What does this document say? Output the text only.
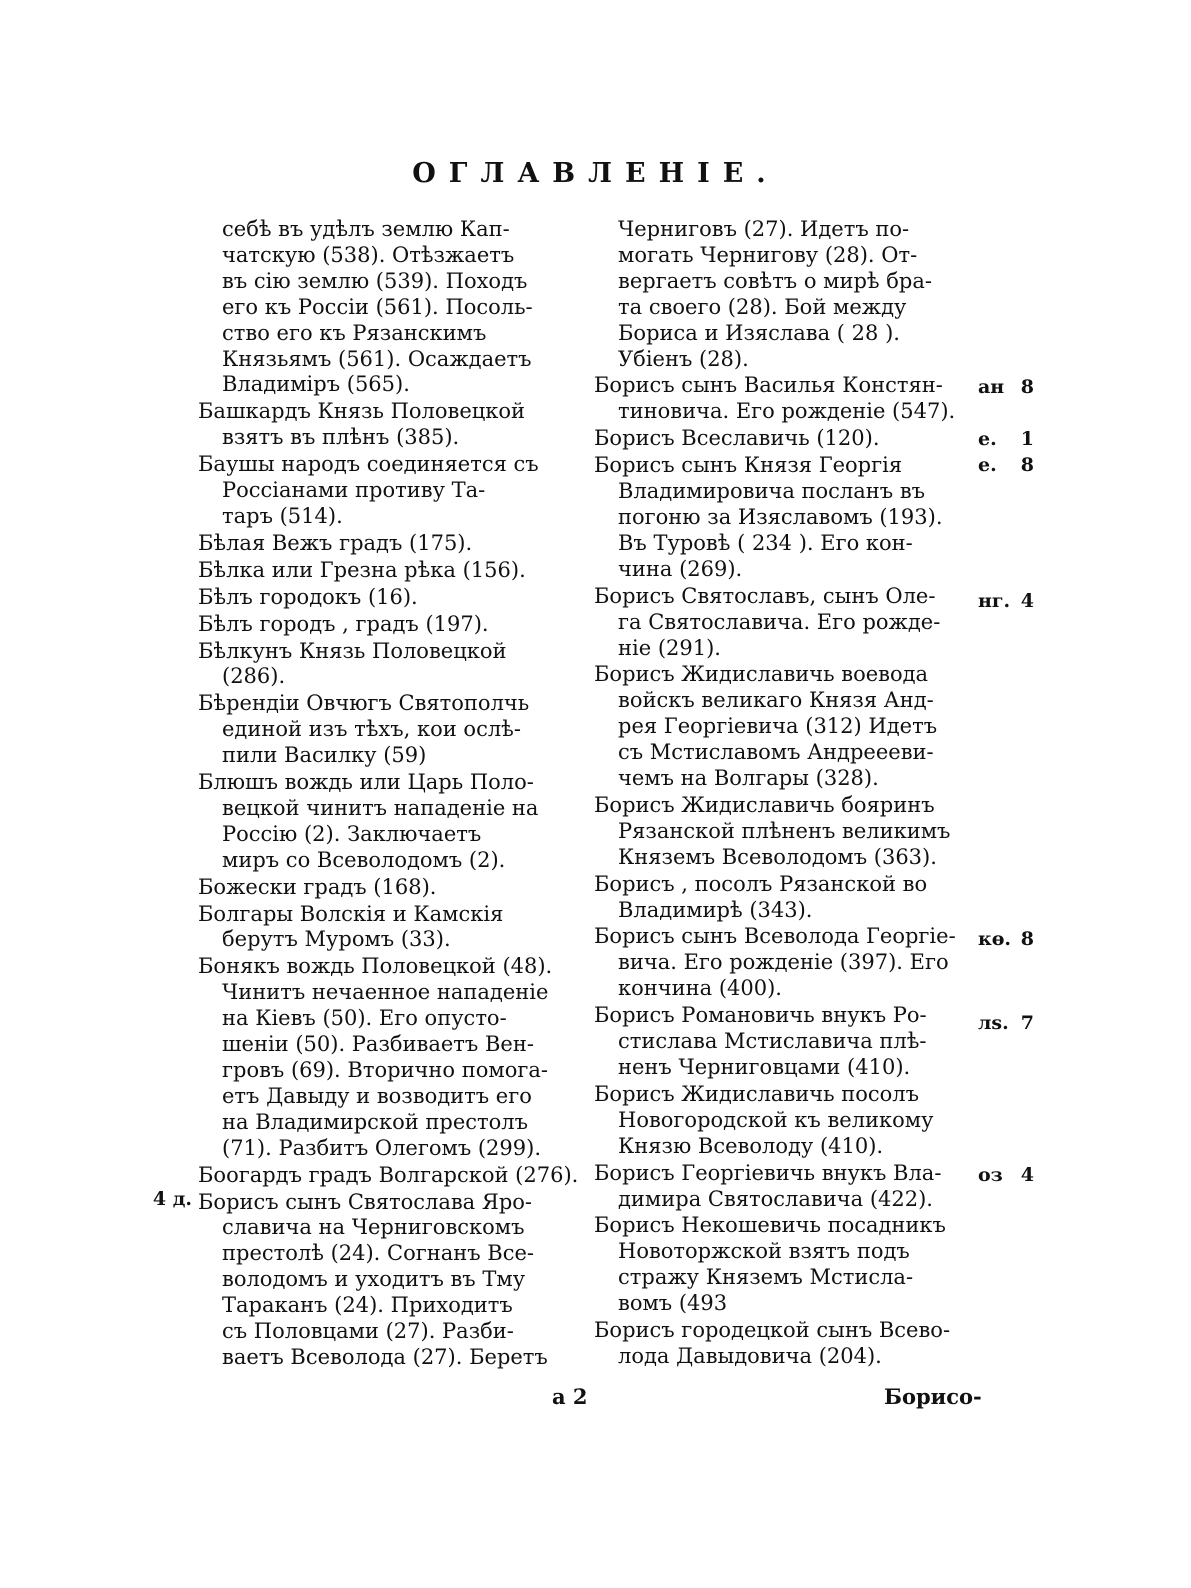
ОГЛАВЛЕНІЕ.
себѣ въ удѣлъ землю Кап-
чатскую (538). Отѣзжаетъ
въ сію землю (539). Походъ
его къ Россіи (561). Посоль-
ство его къ Рязанскимъ
Князьямъ (561). Осаждаетъ
Владиміръ (565).
Башкардъ Князь Половецкой
взятъ въ плѣнъ (385).
Баушы народъ соединяется съ
Россіанами противу Та-
таръ (514).
Бѣлая Вежъ градъ (175).
Бѣлка или Грезна рѣка (156).
Бѣлъ городокъ (16).
Бѣлъ городъ , градъ (197).
Бѣлкунъ Князь Половецкой
(286).
Бѣрендіи Овчюгъ Святополчь
единой изъ тѣхъ, кои ослѣ-
пили Василку (59)
Блюшъ вождь или Царь Поло-
вецкой чинитъ нападеніе на
Россію (2). Заключаетъ
миръ со Всеволодомъ (2).
Божески градъ (168).
Болгары Волскія и Камскія
берутъ Муромъ (33).
Бонякъ вождь Половецкой (48).
Чинитъ нечаенное нападеніе
на Кіевъ (50). Его опусто-
шеніи (50). Разбиваетъ Вен-
гровъ (69). Вторично помога-
етъ Давыду и возводитъ его
на Владимирской престолъ
(71). Разбитъ Олегомъ (299).
Боогардъ градъ Волгарской (276).
Борисъ сынъ Святослава Яро-
славича на Черниговскомъ
престолѣ (24). Согнанъ Все-
володомъ и уходитъ въ Тму
Тараканъ (24). Приходитъ
съ Половцами (27). Разби-
ваетъ Всеволода (27). Беретъ
Черниговъ (27). Идетъ по-
могать Чернигову (28). От-
вергаетъ совѣтъ о мирѣ бра-
та своего (28). Бой между
Бориса и Изяслава ( 28 ).
Убіенъ (28).
Борисъ сынъ Василья Констян-
тиновича. Его рожденіе (547).
Борисъ Всеславичь (120).
Борисъ сынъ Князя Георгія
Владимировича посланъ въ
погоню за Изяславомъ (193).
Въ Туровѣ ( 234 ). Его кон-
чина (269).
Борисъ Святославъ, сынъ Оле-
га Святославича. Его рожде-
ніе (291).
Борисъ Жидиславичь воевода
войскъ великаго Князя Анд-
рея Георгіевича (312) Идетъ
съ Мстиславомъ Андреееви-
чемъ на Волгары (328).
Борисъ Жидиславичь бояринъ
Рязанской плѣненъ великимъ
Княземъ Всеволодомъ (363).
Борисъ , посолъ Рязанской во
Владимирѣ (343).
Борисъ сынъ Всеволода Георгіе-
вича. Его рожденіе (397). Его
кончина (400).
Борисъ Романовичь внукъ Ро-
стислава Мстиславича плѣ-
ненъ Черниговцами (410).
Борисъ Жидиславичь посолъ
Новогородской къ великому
Князю Всеволоду (410).
Борисъ Георгіевичь внукъ Вла-
димира Святославича (422).
Борисъ Некошевичь посадникъ
Новоторжской взятъ подъ
стражу Княземъ Мстисла-
вомъ (493
Борисъ городецкой сынъ Всево-
лода Давыдовича (204).
4 д.
ан 8
е. 1
е. 8
нг. 4
кө. 8
лѕ. 7
оз 4
a 2	Борисо-
